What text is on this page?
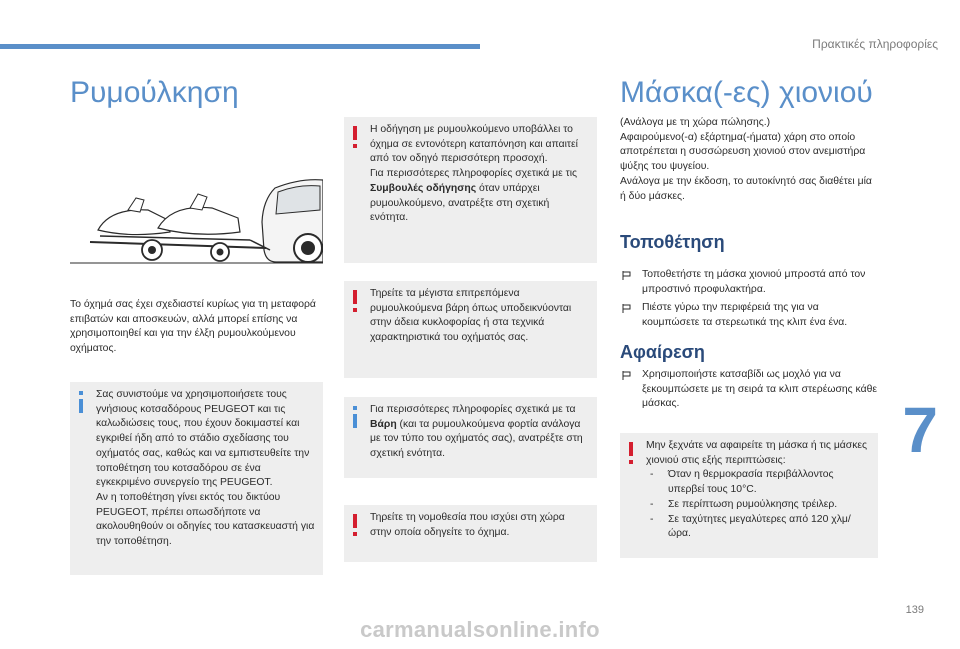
Πρακτικές πληροφορίες
7
139
Ρυμούλκηση
Το όχημά σας έχει σχεδιαστεί κυρίως για τη μεταφορά επιβατών και αποσκευών, αλλά μπορεί επίσης να χρησιμοποιηθεί και για την έλξη ρυμουλκούμενου οχήματος.

Σας συνιστούμε να χρησιμοποιήσετε τους γνήσιους κοτσαδόρους PEUGEOT και τις καλωδιώσεις τους, που έχουν δοκιμαστεί και εγκριθεί ήδη από το στάδιο σχεδίασης του οχήματός σας, καθώς και να εμπιστευθείτε την τοποθέτηση του κοτσαδόρου σε ένα εγκεκριμένο συνεργείο της PEUGEOT.
Αν η τοποθέτηση γίνει εκτός του δικτύου PEUGEOT, πρέπει οπωσδήποτε να ακολουθηθούν οι οδηγίες του κατασκευαστή για την τοποθέτηση.

Η οδήγηση με ρυμουλκούμενο υποβάλλει το όχημα σε εντονότερη καταπόνηση και απαιτεί από τον οδηγό περισσότερη προσοχή.

Για περισσότερες πληροφορίες σχετικά με τις Συμβουλές οδήγησης όταν υπάρχει ρυμουλκούμενο, ανατρέξτε στη σχετική ενότητα.

Τηρείτε τα μέγιστα επιτρεπόμενα ρυμουλκούμενα βάρη όπως υποδεικνύονται στην άδεια κυκλοφορίας ή στα τεχνικά χαρακτηριστικά του οχήματός σας.

Για περισσότερες πληροφορίες σχετικά με τα Βάρη (και τα ρυμουλκούμενα φορτία ανάλογα με τον τύπο του οχήματός σας), ανατρέξτε στη σχετική ενότητα.

Τηρείτε τη νομοθεσία που ισχύει στη χώρα στην οποία οδηγείτε το όχημα.

Μάσκα(-ες) χιονιού
(Ανάλογα με τη χώρα πώλησης.)
Αφαιρούμενο(-α) εξάρτημα(-ήματα) χάρη στο οποίο αποτρέπεται η συσσώρευση χιονιού στον ανεμιστήρα ψύξης του ψυγείου.
Ανάλογα με την έκδοση, το αυτοκίνητό σας διαθέτει μία ή δύο μάσκες.
Τοποθέτηση
Τοποθετήστε τη μάσκα χιονιού μπροστά από τον μπροστινό προφυλακτήρα.
Πιέστε γύρω την περιφέρειά της για να κουμπώσετε τα στερεωτικά της κλιπ ένα ένα.
Αφαίρεση
Χρησιμοποιήστε κατσαβίδι ως μοχλό για να ξεκουμπώσετε με τη σειρά τα κλιπ στερέωσης κάθε μάσκας.

Μην ξεχνάτε να αφαιρείτε τη μάσκα ή τις μάσκες χιονιού στις εξής περιπτώσεις:

- Όταν η θερμοκρασία περιβάλλοντος υπερβεί τους 10°C.
- Σε περίπτωση ρυμούλκησης τρέιλερ.
- Σε ταχύτητες μεγαλύτερες από 120 χλμ/ώρα.
carmanualsonline.info
